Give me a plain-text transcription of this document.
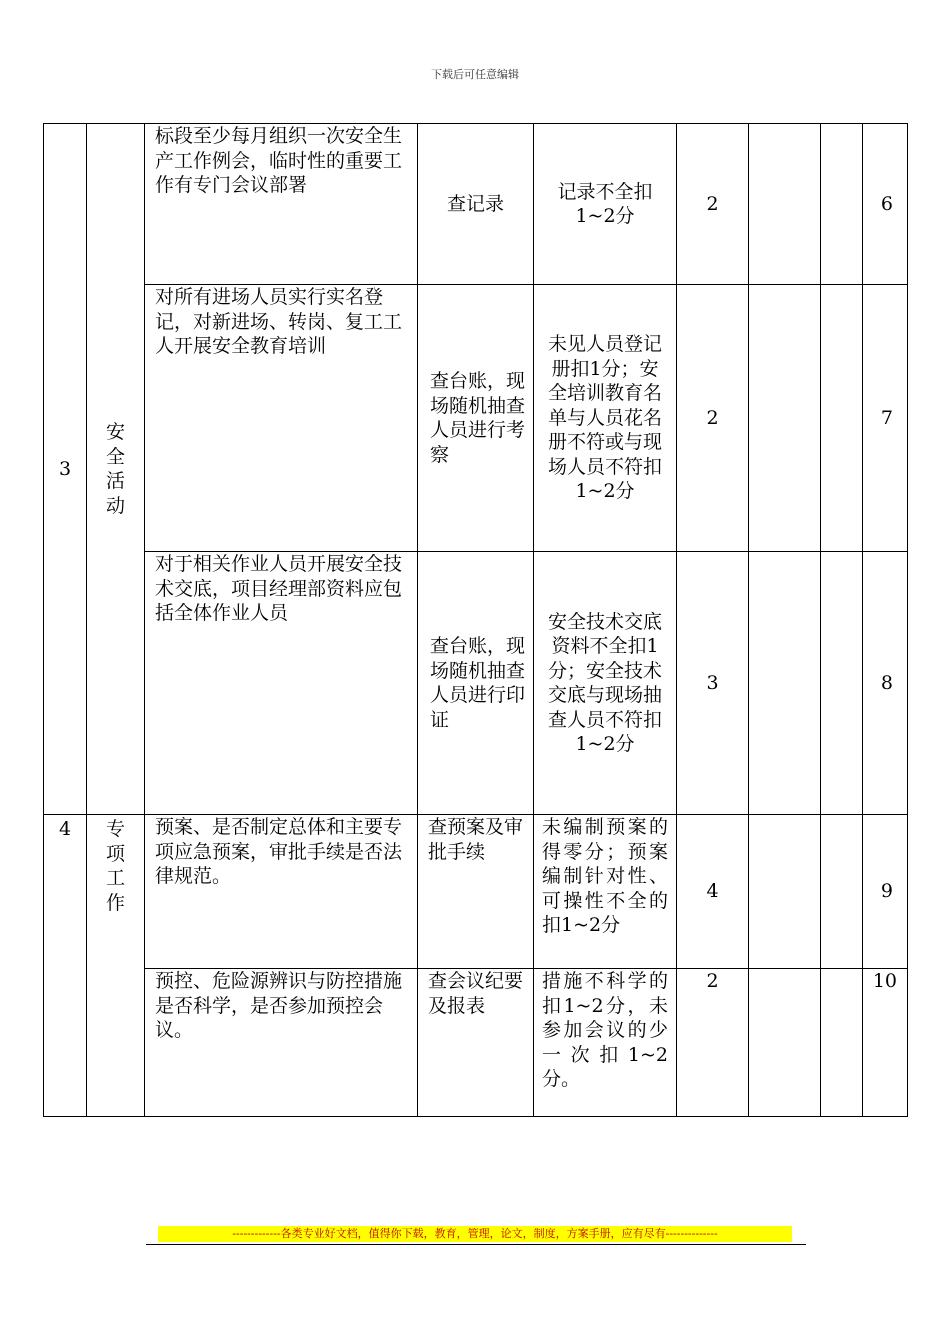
下载后可任意编辑
3	安全活动	标段至少每月组织一次安全生产工作例会，临时性的重要工作有专门会议部署	查记录	记录不全扣1~2分	2			6
		对所有进场人员实行实名登记，对新进场、转岗、复工工人开展安全教育培训	查台账，现场随机抽查人员进行考察	未见人员登记册扣1分；安全培训教育名单与人员花名册不符或与现场人员不符扣1~2分	2			7
		对于相关作业人员开展安全技术交底，项目经理部资料应包括全体作业人员	查台账，现场随机抽查人员进行印证	安全技术交底资料不全扣1分；安全技术交底与现场抽查人员不符扣1~2分	3			8
4	专项工作	预案、是否制定总体和主要专项应急预案，审批手续是否法律规范。	查预案及审批手续	未编制预案的得零分；预案编制针对性、可操性不全的扣1~2分	4			9
		预控、危险源辨识与防控措施是否科学，是否参加预控会议。	查会议纪要及报表	措施不科学的扣1~2分，未参加会议的少一次扣1~2分。	2			10
-------------各类专业好文档，值得你下载，教育，管理，论文，制度，方案手册，应有尽有--------------
